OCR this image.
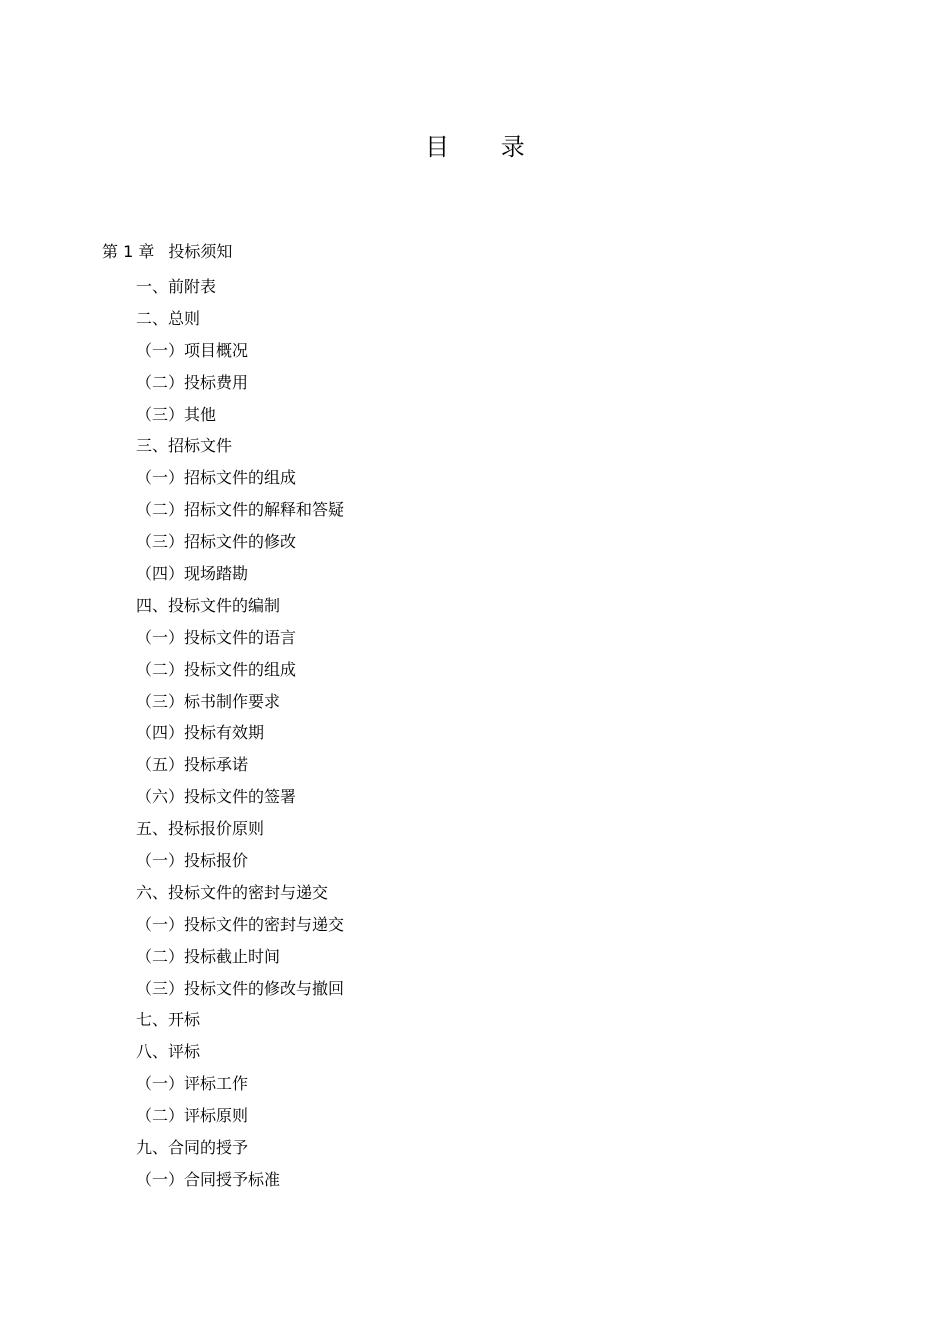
目 录
第 1 章 投标须知
一、前附表
二、总则
（一）项目概况
（二）投标费用
（三）其他
三、招标文件
（一）招标文件的组成
（二）招标文件的解释和答疑
（三）招标文件的修改
（四）现场踏勘
四、投标文件的编制
（一）投标文件的语言
（二）投标文件的组成
（三）标书制作要求
（四）投标有效期
（五）投标承诺
（六）投标文件的签署
五、投标报价原则
（一）投标报价
六、投标文件的密封与递交
（一）投标文件的密封与递交
（二）投标截止时间
（三）投标文件的修改与撤回
七、开标
八、评标
（一）评标工作
（二）评标原则
九、合同的授予
（一）合同授予标准
